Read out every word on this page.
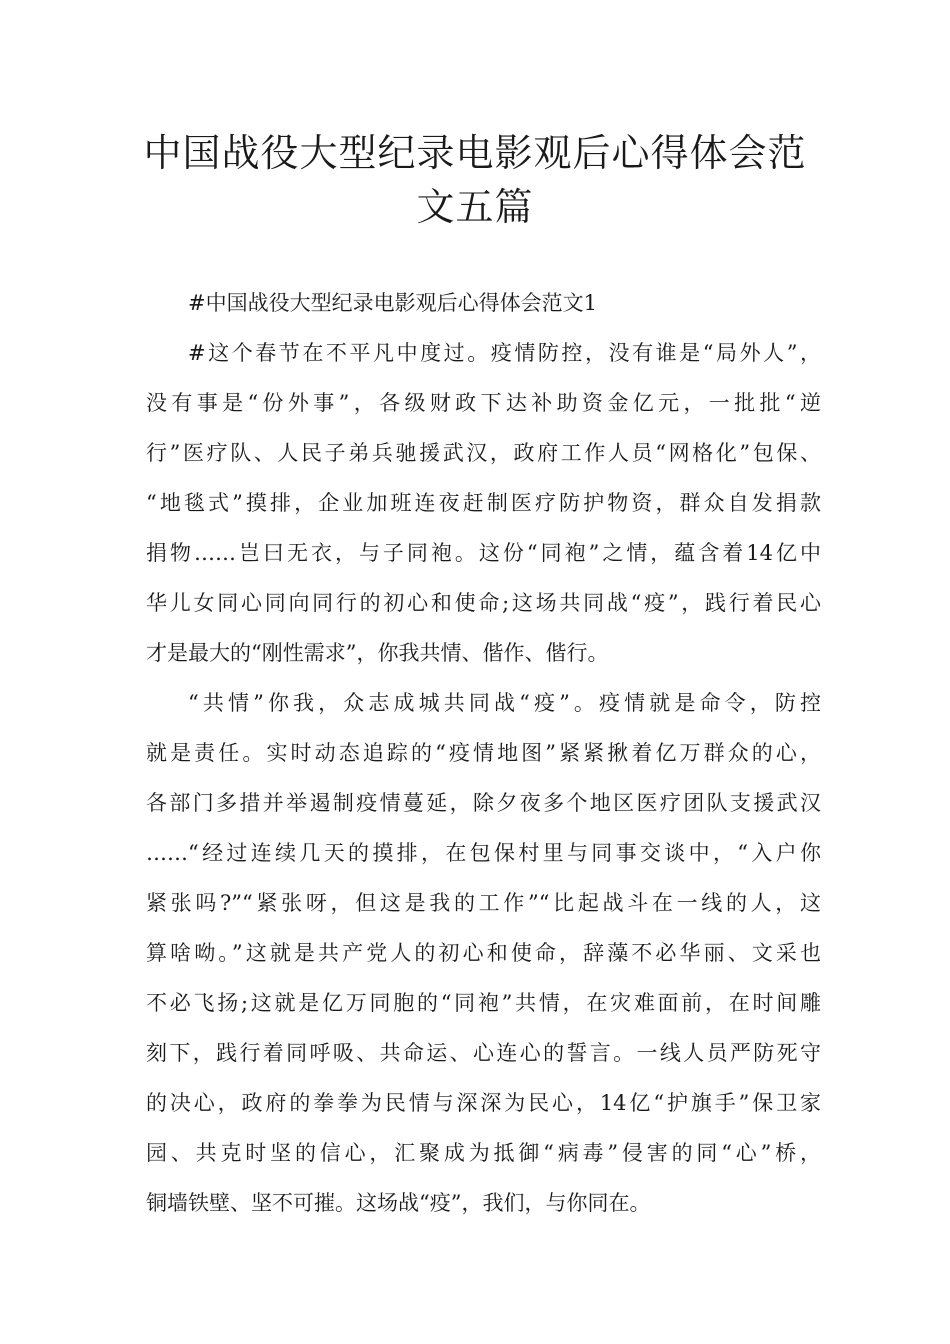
中国战役大型纪录电影观后心得体会范
文五篇

#中国战役大型纪录电影观后心得体会范文1

#这个春节在不平凡中度过。疫情防控，没有谁是“局外人”，
没有事是“份外事”，各级财政下达补助资金亿元，一批批“逆
行”医疗队、人民子弟兵驰援武汉，政府工作人员“网格化”包保、
“地毯式”摸排，企业加班连夜赶制医疗防护物资，群众自发捐款
捐物……岂曰无衣，与子同袍。这份“同袍”之情，蕴含着14亿中
华儿女同心同向同行的初心和使命;这场共同战“疫”，践行着民心
才是最大的“刚性需求”，你我共情、偕作、偕行。

“共情”你我，众志成城共同战“疫”。疫情就是命令，防控
就是责任。实时动态追踪的“疫情地图”紧紧揪着亿万群众的心，
各部门多措并举遏制疫情蔓延，除夕夜多个地区医疗团队支援武汉
……“经过连续几天的摸排，在包保村里与同事交谈中，“入户你
紧张吗?”“紧张呀，但这是我的工作”“比起战斗在一线的人，这
算啥呦。”这就是共产党人的初心和使命，辞藻不必华丽、文采也
不必飞扬;这就是亿万同胞的“同袍”共情，在灾难面前，在时间雕
刻下，践行着同呼吸、共命运、心连心的誓言。一线人员严防死守
的决心，政府的拳拳为民情与深深为民心，14亿“护旗手”保卫家
园、共克时坚的信心，汇聚成为抵御“病毒”侵害的同“心”桥，
铜墙铁壁、坚不可摧。这场战“疫”，我们，与你同在。
